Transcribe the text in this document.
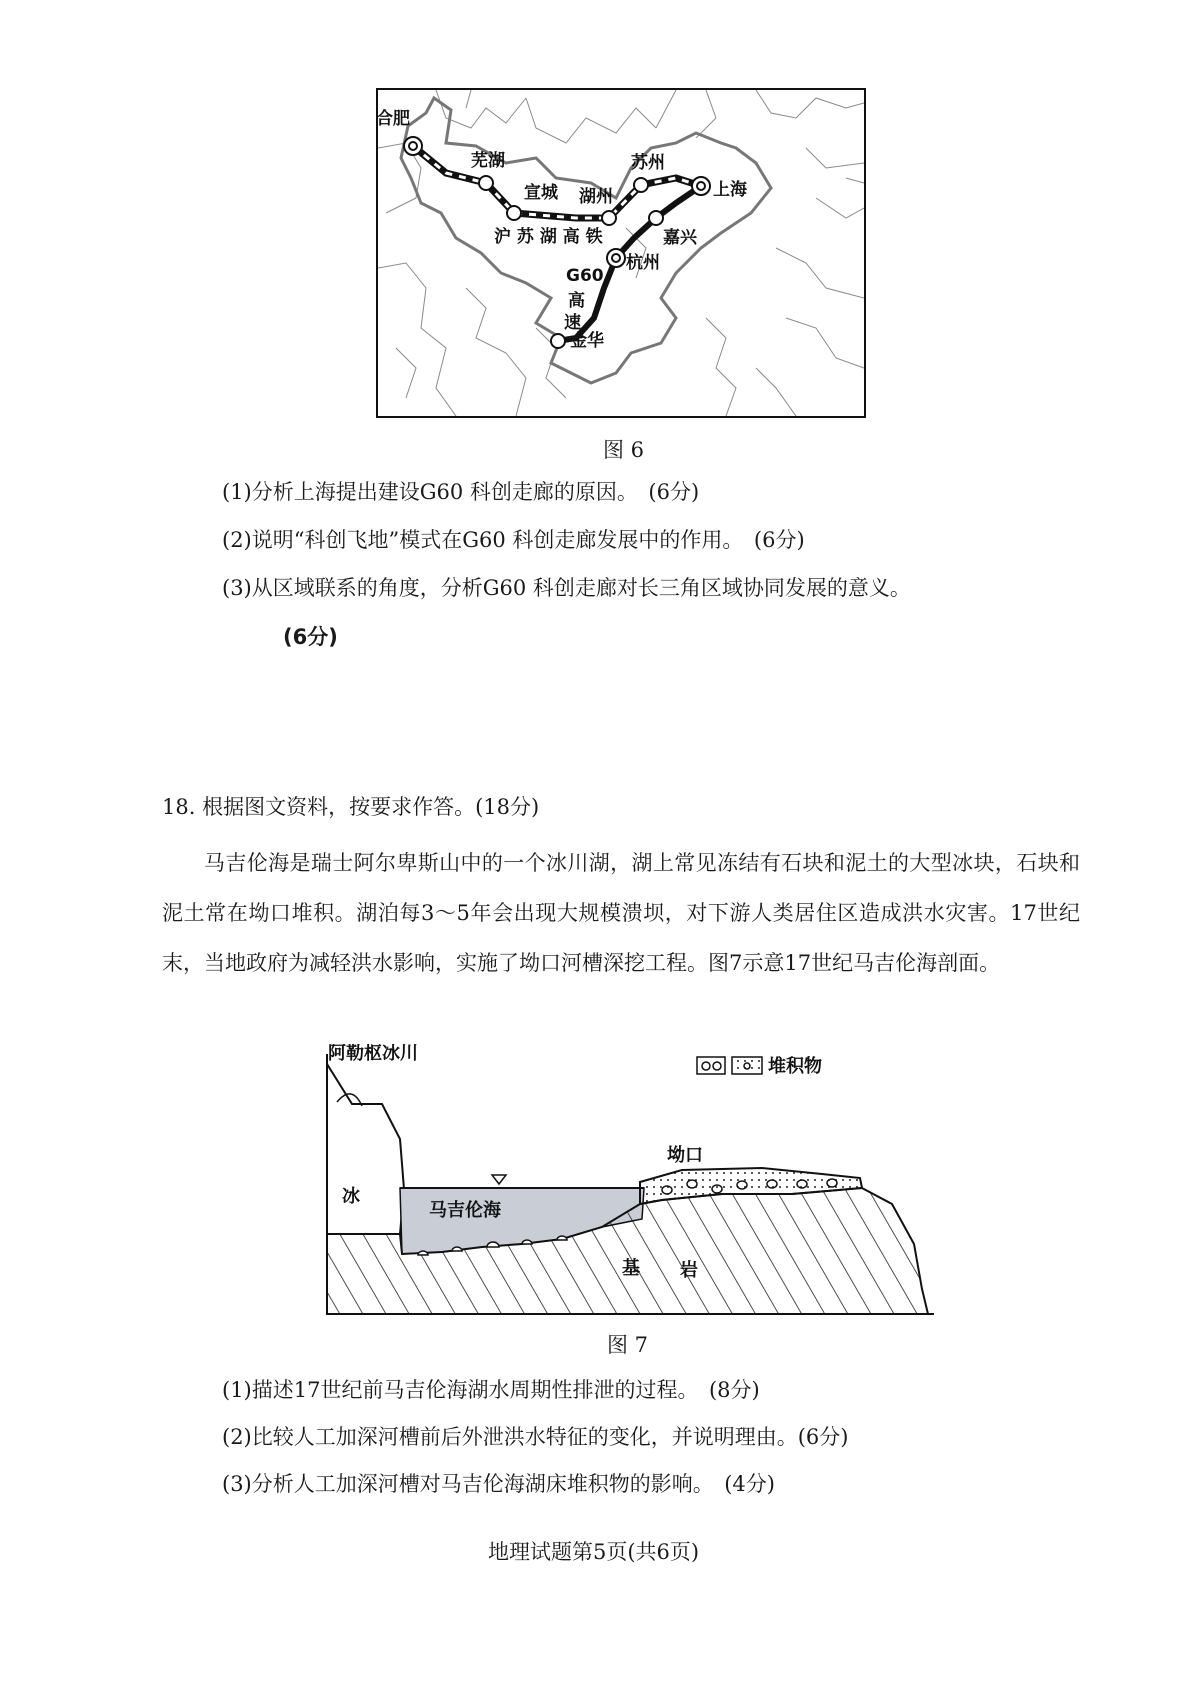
合肥
芜湖
宣城 湖州
苏州
上海
嘉兴
杭州
金华
沪 苏 湖 高 铁
G60
高
速
图 6
(1)分析上海提出建设G60 科创走廊的原因。　(6分)
(2)说明“科创飞地”模式在G60 科创走廊发展中的作用。　(6分)
(3)从区域联系的角度，分析G60 科创走廊对长三角区域协同发展的意义。
(6分)
18. 根据图文资料，按要求作答。(18分)
马吉伦海是瑞士阿尔卑斯山中的一个冰川湖，湖上常见冻结有石块和泥土的大型冰块，石块和泥土常在坳口堆积。湖泊每3～5年会出现大规模溃坝，对下游人类居住区造成洪水灾害。17世纪末，当地政府为减轻洪水影响，实施了坳口河槽深挖工程。图7示意17世纪马吉伦海剖面。
阿勒枢冰川
冰
马吉伦海
坳口
堆积物
基 岩
图 7
(1)描述17世纪前马吉伦海湖水周期性排泄的过程。　(8分)
(2)比较人工加深河槽前后外泄洪水特征的变化，并说明理由。(6分)
(3)分析人工加深河槽对马吉伦海湖床堆积物的影响。　(4分)
地理试题第5页(共6页)
